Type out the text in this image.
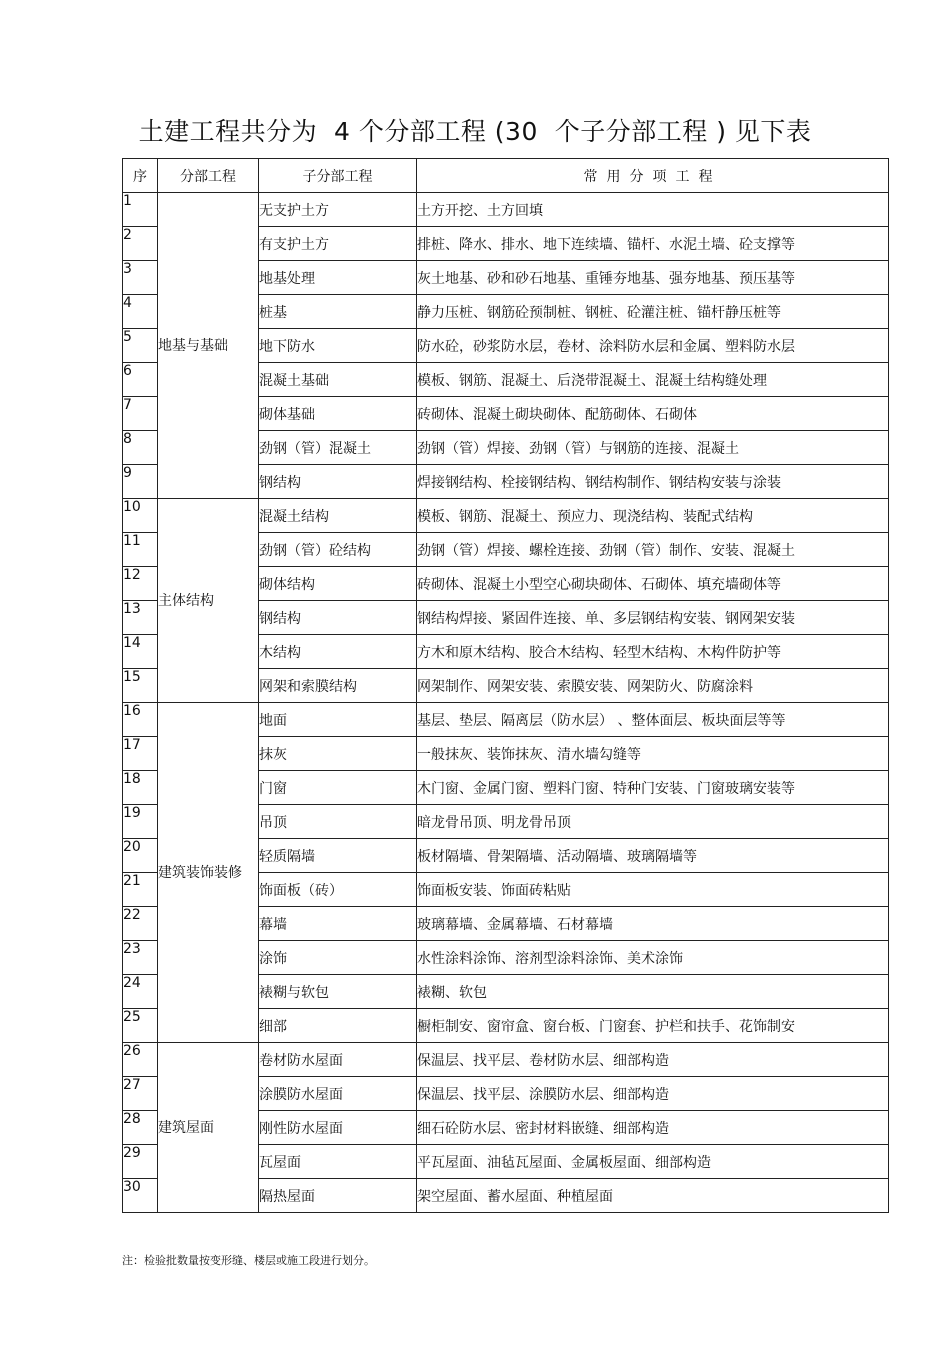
土建工程共分为  4 个分部工程 (30  个子分部工程 ) 见下表
序	分部工程	子分部工程	常用分项工程
1	地基与基础	无支护土方	土方开挖、土方回填
2		有支护土方	排桩、降水、排水、地下连续墙、锚杆、水泥土墙、砼支撑等
3		地基处理	灰土地基、砂和砂石地基、重锤夯地基、强夯地基、预压基等
4		桩基	静力压桩、钢筋砼预制桩、钢桩、砼灌注桩、锚杆静压桩等
5		地下防水	防水砼，砂浆防水层，卷材、涂料防水层和金属、塑料防水层
6		混凝土基础	模板、钢筋、混凝土、后浇带混凝土、混凝土结构缝处理
7		砌体基础	砖砌体、混凝土砌块砌体、配筋砌体、石砌体
8		劲钢（管）混凝土	劲钢（管）焊接、劲钢（管）与钢筋的连接、混凝土
9		钢结构	焊接钢结构、栓接钢结构、钢结构制作、钢结构安装与涂装
10	主体结构	混凝土结构	模板、钢筋、混凝土、预应力、现浇结构、装配式结构
11		劲钢（管）砼结构	劲钢（管）焊接、螺栓连接、劲钢（管）制作、安装、混凝土
12		砌体结构	砖砌体、混凝土小型空心砌块砌体、石砌体、填充墙砌体等
13		钢结构	钢结构焊接、紧固件连接、单、多层钢结构安装、钢网架安装
14		木结构	方木和原木结构、胶合木结构、轻型木结构、木构件防护等
15		网架和索膜结构	网架制作、网架安装、索膜安装、网架防火、防腐涂料
16	建筑装饰装修	地面	基层、垫层、隔离层（防水层） 、整体面层、板块面层等等
17		抹灰	一般抹灰、装饰抹灰、清水墙勾缝等
18		门窗	木门窗、金属门窗、塑料门窗、特种门安装、门窗玻璃安装等
19		吊顶	暗龙骨吊顶、明龙骨吊顶
20		轻质隔墙	板材隔墙、骨架隔墙、活动隔墙、玻璃隔墙等
21		饰面板（砖）	饰面板安装、饰面砖粘贴
22		幕墙	玻璃幕墙、金属幕墙、石材幕墙
23		涂饰	水性涂料涂饰、溶剂型涂料涂饰、美术涂饰
24		裱糊与软包	裱糊、软包
25		细部	橱柜制安、窗帘盒、窗台板、门窗套、护栏和扶手、花饰制安
26	建筑屋面	卷材防水屋面	保温层、找平层、卷材防水层、细部构造
27		涂膜防水屋面	保温层、找平层、涂膜防水层、细部构造
28		刚性防水屋面	细石砼防水层、密封材料嵌缝、细部构造
29		瓦屋面	平瓦屋面、油毡瓦屋面、金属板屋面、细部构造
30		隔热屋面	架空屋面、蓄水屋面、种植屋面
注：检验批数量按变形缝、楼层或施工段进行划分。
